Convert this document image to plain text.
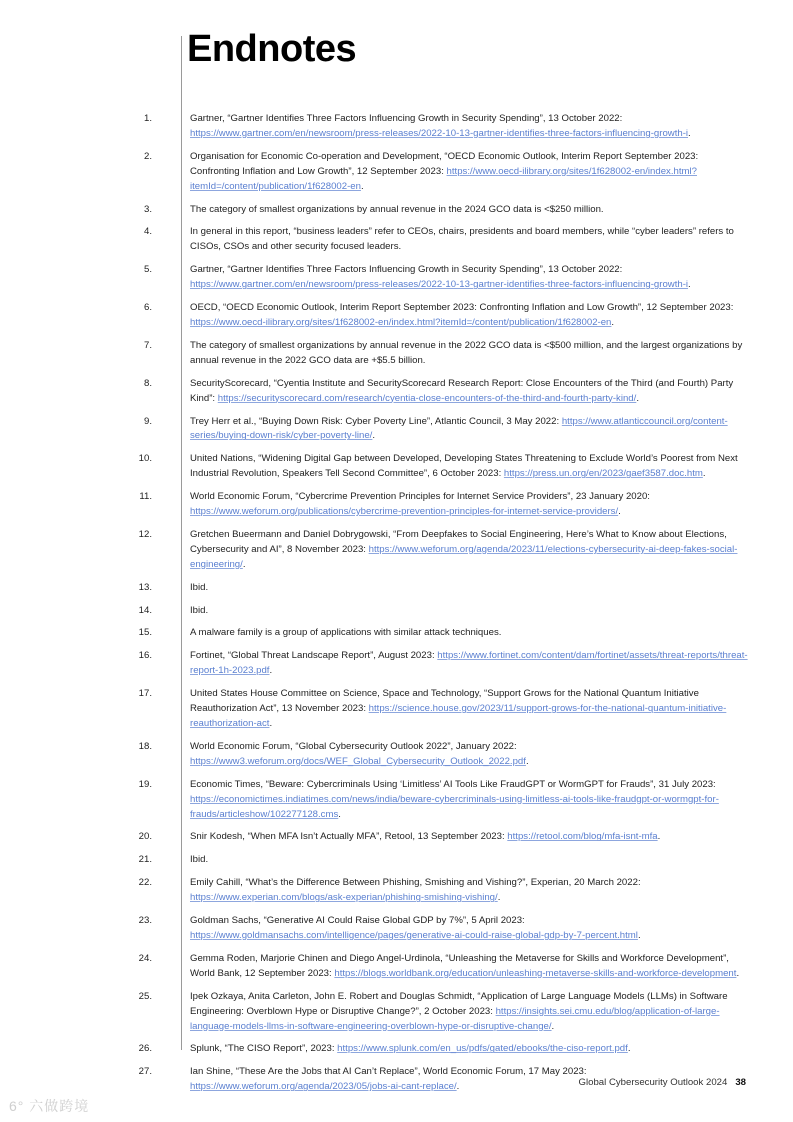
Endnotes
1.	Gartner, “Gartner Identifies Three Factors Influencing Growth in Security Spending”, 13 October 2022: https://www.gartner.com/en/newsroom/press-releases/2022-10-13-gartner-identifies-three-factors-influencing-growth-i.
2.	Organisation for Economic Co-operation and Development, “OECD Economic Outlook, Interim Report September 2023: Confronting Inflation and Low Growth”, 12 September 2023: https://www.oecd-ilibrary.org/sites/1f628002-en/index.html?itemId=/content/publication/1f628002-en.
3.	The category of smallest organizations by annual revenue in the 2024 GCO data is <$250 million.
4.	In general in this report, “business leaders” refer to CEOs, chairs, presidents and board members, while “cyber leaders” refers to CISOs, CSOs and other security focused leaders.
5.	Gartner, “Gartner Identifies Three Factors Influencing Growth in Security Spending”, 13 October 2022: https://www.gartner.com/en/newsroom/press-releases/2022-10-13-gartner-identifies-three-factors-influencing-growth-i.
6.	OECD, “OECD Economic Outlook, Interim Report September 2023: Confronting Inflation and Low Growth”, 12 September 2023: https://www.oecd-ilibrary.org/sites/1f628002-en/index.html?itemId=/content/publication/1f628002-en.
7.	The category of smallest organizations by annual revenue in the 2022 GCO data is <$500 million, and the largest organizations by annual revenue in the 2022 GCO data are +$5.5 billion.
8.	SecurityScorecard, “Cyentia Institute and SecurityScorecard Research Report: Close Encounters of the Third (and Fourth) Party Kind”: https://securityscorecard.com/research/cyentia-close-encounters-of-the-third-and-fourth-party-kind/.
9.	Trey Herr et al., “Buying Down Risk: Cyber Poverty Line”, Atlantic Council, 3 May 2022: https://www.atlanticcouncil.org/content-series/buying-down-risk/cyber-poverty-line/.
10.	United Nations, “Widening Digital Gap between Developed, Developing States Threatening to Exclude World’s Poorest from Next Industrial Revolution, Speakers Tell Second Committee”, 6 October 2023: https://press.un.org/en/2023/gaef3587.doc.htm.
11.	World Economic Forum, “Cybercrime Prevention Principles for Internet Service Providers”, 23 January 2020: https://www.weforum.org/publications/cybercrime-prevention-principles-for-internet-service-providers/.
12.	Gretchen Bueermann and Daniel Dobrygowski, “From Deepfakes to Social Engineering, Here’s What to Know about Elections, Cybersecurity and AI”, 8 November 2023: https://www.weforum.org/agenda/2023/11/elections-cybersecurity-ai-deep-fakes-social-engineering/.
13.	Ibid.
14.	Ibid.
15.	A malware family is a group of applications with similar attack techniques.
16.	Fortinet, “Global Threat Landscape Report”, August 2023: https://www.fortinet.com/content/dam/fortinet/assets/threat-reports/threat-report-1h-2023.pdf.
17.	United States House Committee on Science, Space and Technology, “Support Grows for the National Quantum Initiative Reauthorization Act”, 13 November 2023: https://science.house.gov/2023/11/support-grows-for-the-national-quantum-initiative-reauthorization-act.
18.	World Economic Forum, “Global Cybersecurity Outlook 2022”, January 2022: https://www3.weforum.org/docs/WEF_Global_Cybersecurity_Outlook_2022.pdf.
19.	Economic Times, “Beware: Cybercriminals Using ‘Limitless’ AI Tools Like FraudGPT or WormGPT for Frauds”, 31 July 2023: https://economictimes.indiatimes.com/news/india/beware-cybercriminals-using-limitless-ai-tools-like-fraudgpt-or-wormgpt-for-frauds/articleshow/102277128.cms.
20.	Snir Kodesh, “When MFA Isn’t Actually MFA”, Retool, 13 September 2023: https://retool.com/blog/mfa-isnt-mfa.
21.	Ibid.
22.	Emily Cahill, “What’s the Difference Between Phishing, Smishing and Vishing?”, Experian, 20 March 2022: https://www.experian.com/blogs/ask-experian/phishing-smishing-vishing/.
23.	Goldman Sachs, “Generative AI Could Raise Global GDP by 7%”, 5 April 2023: https://www.goldmansachs.com/intelligence/pages/generative-ai-could-raise-global-gdp-by-7-percent.html.
24.	Gemma Roden, Marjorie Chinen and Diego Angel-Urdinola, “Unleashing the Metaverse for Skills and Workforce Development”, World Bank, 12 September 2023: https://blogs.worldbank.org/education/unleashing-metaverse-skills-and-workforce-development.
25.	Ipek Ozkaya, Anita Carleton, John E. Robert and Douglas Schmidt, “Application of Large Language Models (LLMs) in Software Engineering: Overblown Hype or Disruptive Change?”, 2 October 2023: https://insights.sei.cmu.edu/blog/application-of-large-language-models-llms-in-software-engineering-overblown-hype-or-disruptive-change/.
26.	Splunk, “The CISO Report”, 2023: https://www.splunk.com/en_us/pdfs/gated/ebooks/the-ciso-report.pdf.
27.	Ian Shine, “These Are the Jobs that AI Can’t Replace”, World Economic Forum, 17 May 2023: https://www.weforum.org/agenda/2023/05/jobs-ai-cant-replace/.	Global Cybersecurity Outlook 2024 38
6° 六做跨境
